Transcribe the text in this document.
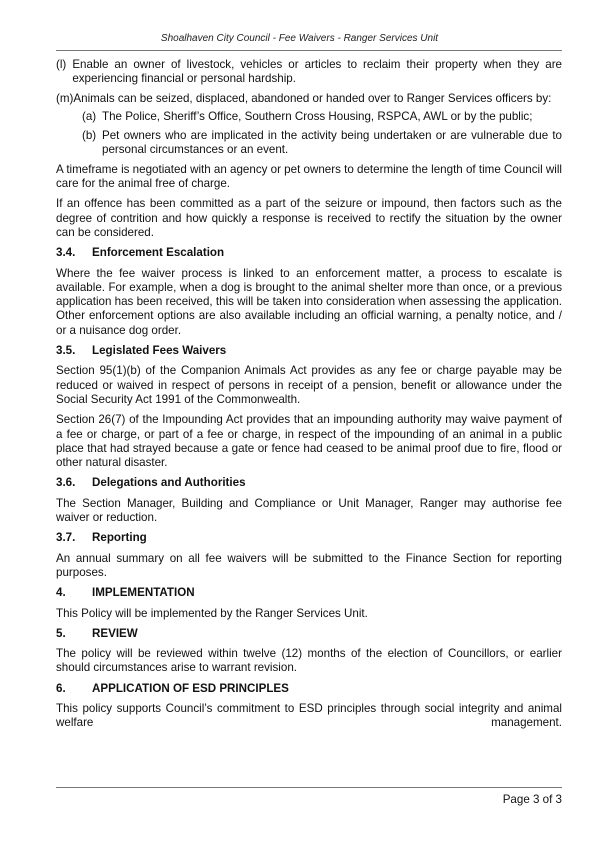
Shoalhaven City Council - Fee Waivers - Ranger Services Unit
(l) Enable an owner of livestock, vehicles or articles to reclaim their property when they are experiencing financial or personal hardship.
(m) Animals can be seized, displaced, abandoned or handed over to Ranger Services officers by:
(a) The Police, Sheriff’s Office, Southern Cross Housing, RSPCA, AWL or by the public;
(b) Pet owners who are implicated in the activity being undertaken or are vulnerable due to personal circumstances or an event.

A timeframe is negotiated with an agency or pet owners to determine the length of time Council will care for the animal free of charge.

If an offence has been committed as a part of the seizure or impound, then factors such as the degree of contrition and how quickly a response is received to rectify the situation by the owner can be considered.

3.4.	Enforcement Escalation

Where the fee waiver process is linked to an enforcement matter, a process to escalate is available. For example, when a dog is brought to the animal shelter more than once, or a previous application has been received, this will be taken into consideration when assessing the application. Other enforcement options are also available including an official warning, a penalty notice, and / or a nuisance dog order.

3.5.	Legislated Fees Waivers

Section 95(1)(b) of the Companion Animals Act provides as any fee or charge payable may be reduced or waived in respect of persons in receipt of a pension, benefit or allowance under the Social Security Act 1991 of the Commonwealth.

Section 26(7) of the Impounding Act provides that an impounding authority may waive payment of a fee or charge, or part of a fee or charge, in respect of the impounding of an animal in a public place that had strayed because a gate or fence had ceased to be animal proof due to fire, flood or other natural disaster.

3.6.	Delegations and Authorities

The Section Manager, Building and Compliance or Unit Manager, Ranger may authorise fee waiver or reduction.

3.7.	Reporting

An annual summary on all fee waivers will be submitted to the Finance Section for reporting purposes.

4.	IMPLEMENTATION

This Policy will be implemented by the Ranger Services Unit.

5.	REVIEW

The policy will be reviewed within twelve (12) months of the election of Councillors, or earlier should circumstances arise to warrant revision.

6.	APPLICATION OF ESD PRINCIPLES

This policy supports Council’s commitment to ESD principles through social integrity and animal welfare management.

Page 3 of 3
